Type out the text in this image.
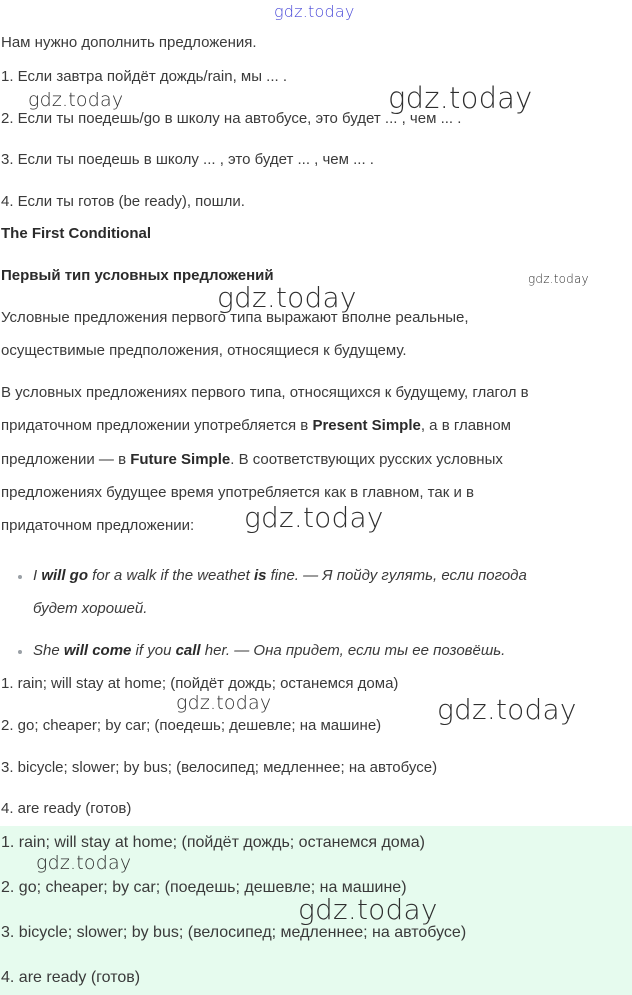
gdz.today
Нам нужно дополнить предложения.
1. Если завтра пойдёт дождь/rain, мы ... .
2. Если ты поедешь/go в школу на автобусе, это будет ... , чем ... .
3. Если ты поедешь в школу ... , это будет ... , чем ... .
4. Если ты готов (be ready), пошли.
The First Conditional
Первый тип условных предложений
Условные предложения первого типа выражают вполне реальные,
осуществимые предположения, относящиеся к будущему.
В условных предложениях первого типа, относящихся к будущему, глагол в
придаточном предложении употребляется в Present Simple, а в главном
предложении — в Future Simple. В соответствующих русских условных
предложениях будущее время употребляется как в главном, так и в
придаточном предложении:
I will go for a walk if the weathet is fine. — Я пойду гулять, если погода
будет хорошей.
She will come if you call her. — Она придет, если ты ее позовёшь.
1. rain; will stay at home; (пойдёт дождь; останемся дома)
2. go; cheaper; by car; (поедешь; дешевле; на машине)
3. bicycle; slower; by bus; (велосипед; медленнее; на автобусе)
4. are ready (готов)
1. rain; will stay at home; (пойдёт дождь; останемся дома)
2. go; cheaper; by car; (поедешь; дешевле; на машине)
3. bicycle; slower; by bus; (велосипед; медленнее; на автобусе)
4. are ready (готов)
gdz.today	gdz.today
gdz.today
gdz.today
gdz.today
gdz.today	gdz.today
gdz.today
gdz.today
